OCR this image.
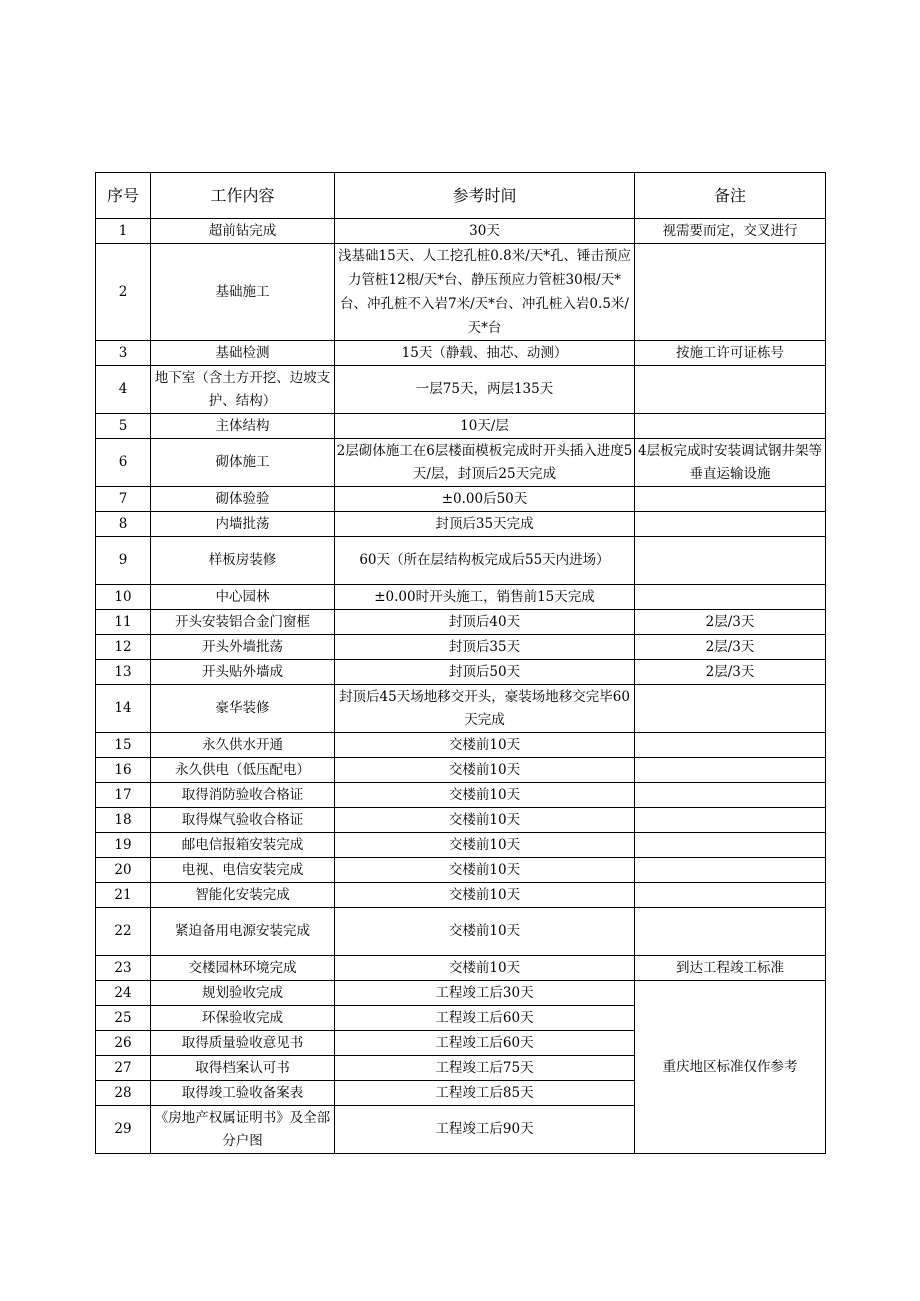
序号	工作内容	参考时间	备注
1	超前钻完成	30天	视需要而定，交叉进行
2	基础施工	浅基础15天、人工挖孔桩0.8米/天*孔、锤击预应力管桩12根/天*台、静压预应力管桩30根/天*台、冲孔桩不入岩7米/天*台、冲孔桩入岩0.5米/天*台	
3	基础检测	15天（静载、抽芯、动测）	按施工许可证栋号
4	地下室（含土方开挖、边坡支护、结构）	一层75天，两层135天	
5	主体结构	10天/层	
6	砌体施工	2层砌体施工在6层楼面模板完成时开头插入进度5天/层，封顶后25天完成	4层板完成时安装调试钢井架等垂直运输设施
7	砌体验验	±0.00后50天	
8	内墙批荡	封顶后35天完成	
9	样板房装修	60天（所在层结构板完成后55天内进场）	
10	中心园林	±0.00时开头施工，销售前15天完成	
11	开头安装铝合金门窗框	封顶后40天	2层/3天
12	开头外墙批荡	封顶后35天	2层/3天
13	开头贴外墙成	封顶后50天	2层/3天
14	豪华装修	封顶后45天场地移交开头，豪装场地移交完毕60天完成	
15	永久供水开通	交楼前10天	
16	永久供电（低压配电）	交楼前10天	
17	取得消防验收合格证	交楼前10天	
18	取得煤气验收合格证	交楼前10天	
19	邮电信报箱安装完成	交楼前10天	
20	电视、电信安装完成	交楼前10天	
21	智能化安装完成	交楼前10天	
22	紧迫备用电源安装完成	交楼前10天	
23	交楼园林环境完成	交楼前10天	到达工程竣工标准
24	规划验收完成	工程竣工后30天	重庆地区标准仅作参考
25	环保验收完成	工程竣工后60天	
26	取得质量验收意见书	工程竣工后60天	
27	取得档案认可书	工程竣工后75天	
28	取得竣工验收备案表	工程竣工后85天	
29	《房地产权属证明书》及全部分户图	工程竣工后90天	
